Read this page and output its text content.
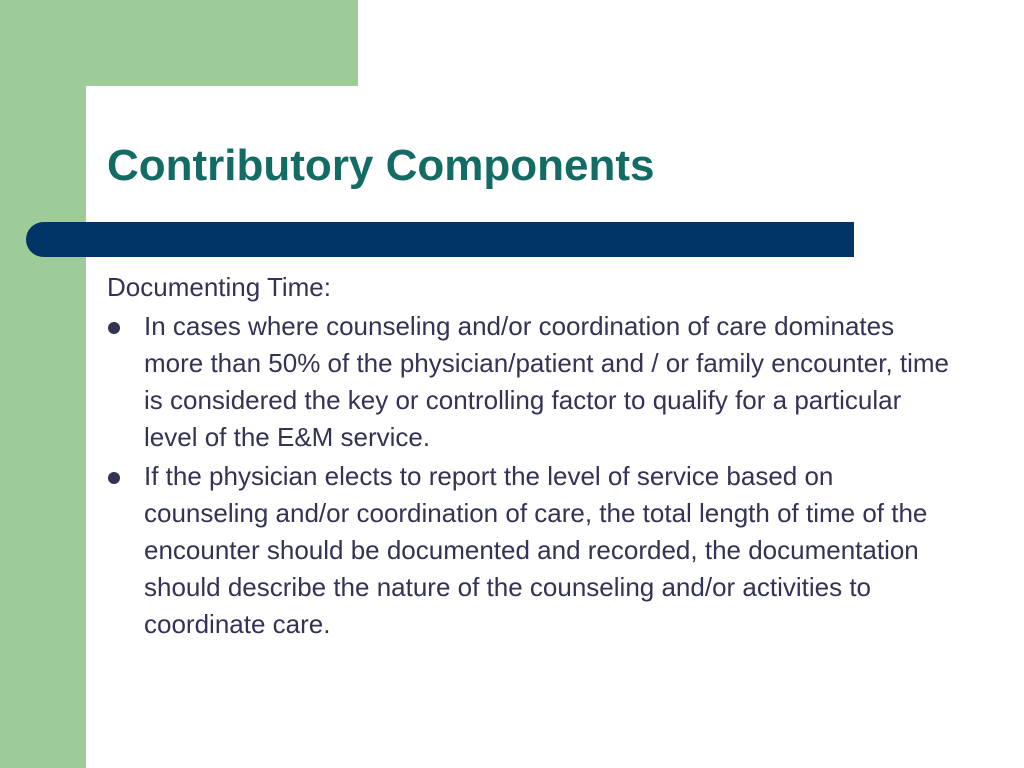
Contributory Components

Documenting Time:

In cases where counseling and/or coordination of care dominates more than 50% of the physician/patient and / or family encounter, time is considered the key or controlling factor to qualify for a particular level of the E&M service.
If the physician elects to report the level of service based on counseling and/or coordination of care, the total length of time of the encounter should be documented and recorded, the documentation should describe the nature of the counseling and/or activities to coordinate care.
